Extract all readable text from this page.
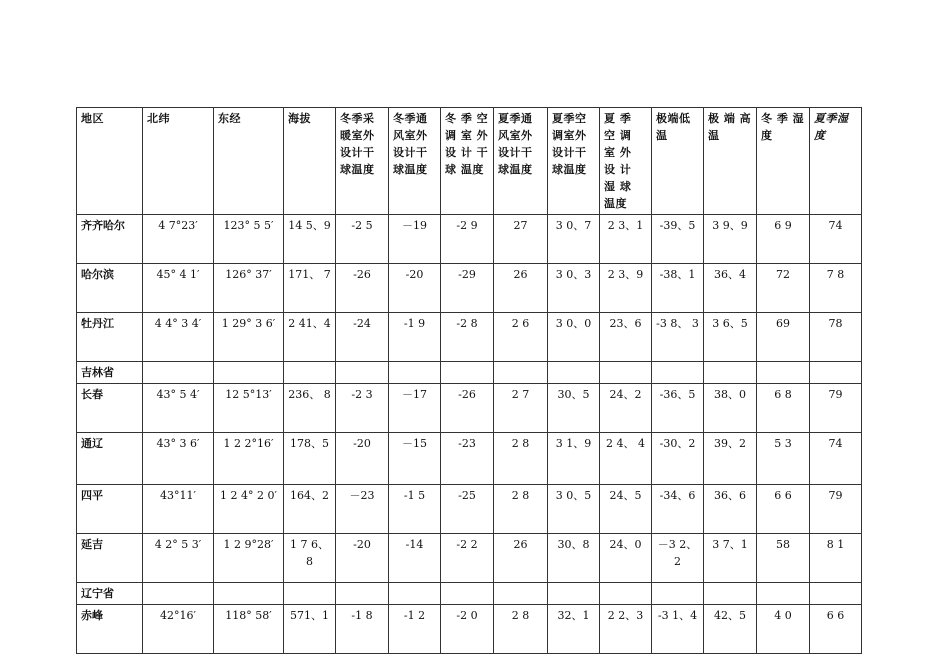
地区	北纬	东经	海拔	冬季采暖室外设计干球温度	冬季通风室外设计干球温度	冬 季 空 调 室 外 设 计 干 球 温度	夏季通风室外设计干球温度	夏季空调室外设计干球温度	夏 季 空 调 室 外 设 计 湿 球 温度	极端低温	极 端 高温	冬 季 湿度	夏季湿度
齐齐哈尔	4 7°23′	123° 5 5′	14 5、9	-2 5	－19	-2 9	27	3 0、7	2 3、1	-39、5	3 9、9	6 9	74
哈尔滨	45° 4 1′	126° 37′	171、 7	-26	-20	-29	26	3 0、3	2 3、9	-38、1	36、4	72	7 8
牡丹江	4 4° 3 4′	1 29° 3 6′	2 41、4	-24	-1 9	-2 8	2 6	3 0、0	23、6	-3 8、 3	3 6、5	69	78
吉林省													
长春	43° 5 4′	12 5°13′	236、 8	-2 3	－17	-26	2 7	30、5	24、2	-36、5	38、0	6 8	79
通辽	43° 3 6′	1 2 2°16′	178、5	-20	－15	-23	2 8	3 1、9	2 4、 4	-30、2	39、2	5 3	74
四平	43°11′	1 2 4° 2 0′	164、2	－23	-1 5	-25	2 8	3 0、5	24、5	-34、6	36、6	6 6	79
延吉	4 2° 5 3′	1 2 9°28′	1 7 6、8	-20	-14	-2 2	26	30、8	24、0	－3 2、2	3 7、1	58	8 1
辽宁省													
赤峰	42°16′	118° 58′	571、1	-1 8	-1 2	-2 0	2 8	32、1	2 2、3	-3 1、4	42、5	4 0	6 6
